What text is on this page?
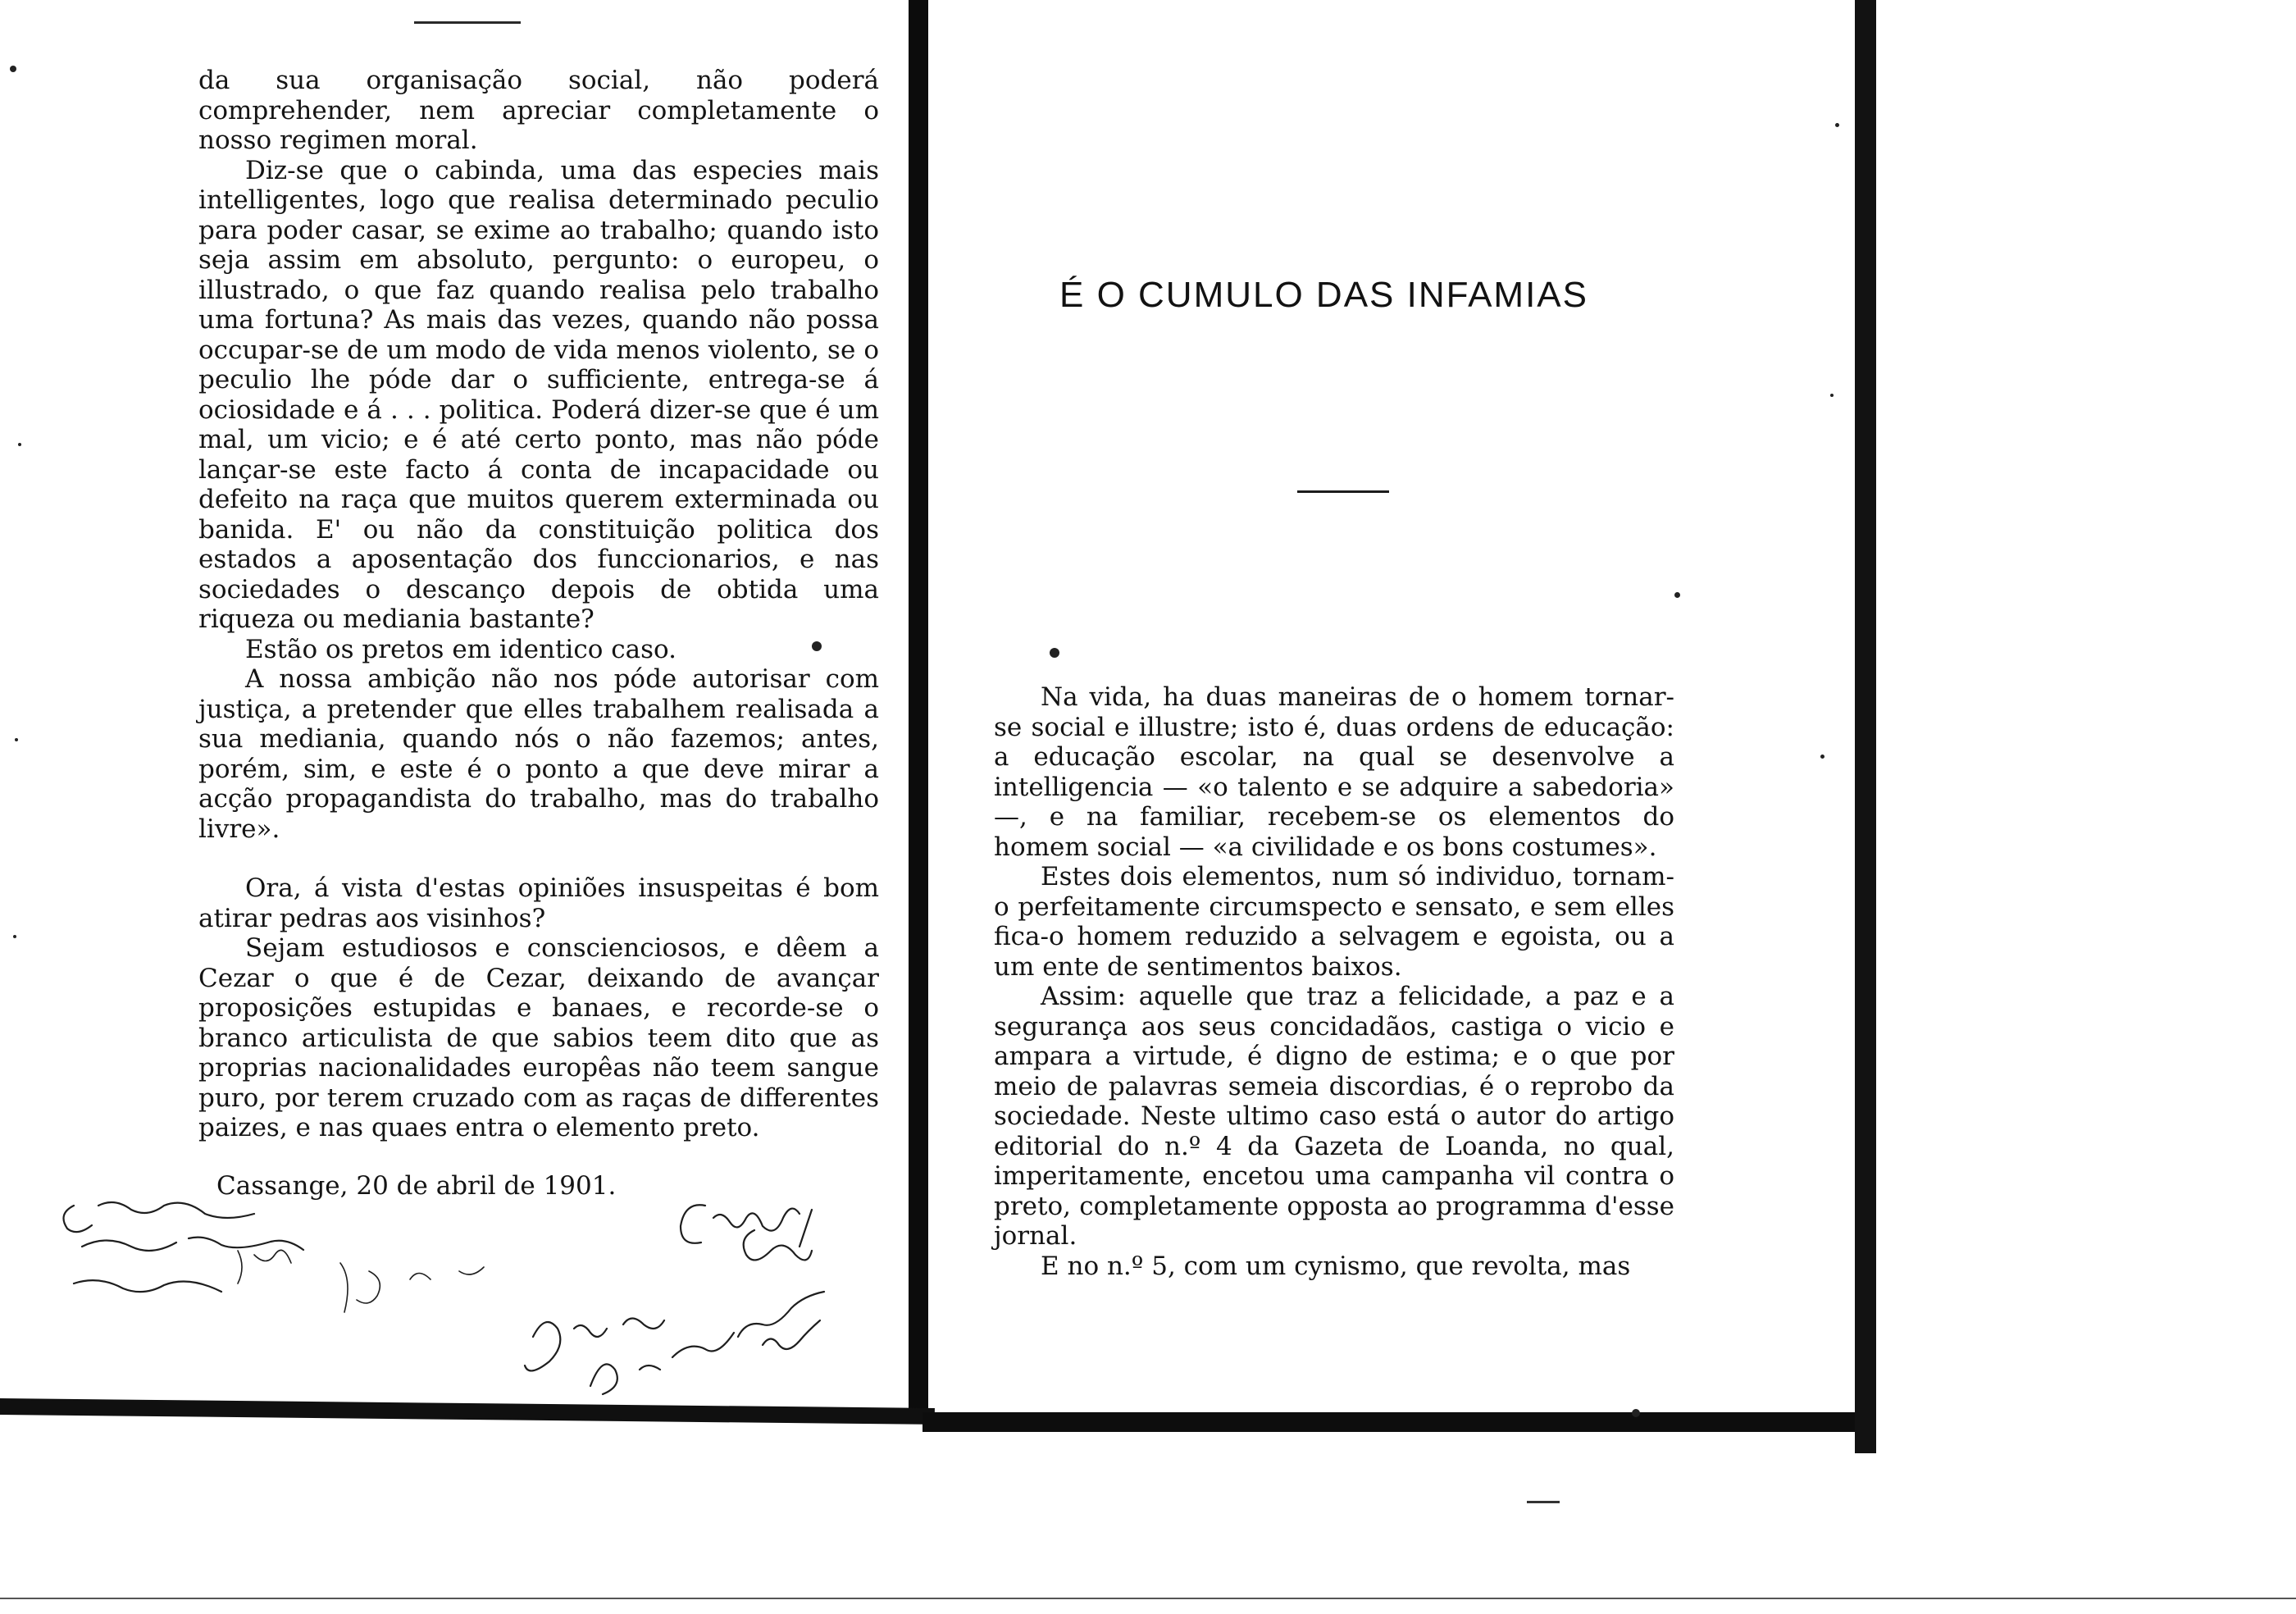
da sua organisação social, não poderá comprehender, nem apreciar completamente o nosso regimen moral.

Diz-se que o cabinda, uma das especies mais intelligentes, logo que realisa determinado peculio para poder casar, se exime ao trabalho; quando isto seja assim em absoluto, pergunto: o europeu, o illustrado, o que faz quando realisa pelo trabalho uma fortuna? As mais das vezes, quando não possa occupar-se de um modo de vida menos violento, se o peculio lhe póde dar o sufficiente, entrega-se á ociosidade e á . . . politica. Poderá dizer-se que é um mal, um vicio; e é até certo ponto, mas não póde lançar-se este facto á conta de incapacidade ou defeito na raça que muitos querem exterminada ou banida. E' ou não da constituição politica dos estados a aposentação dos funccionarios, e nas sociedades o descanço depois de obtida uma riqueza ou mediania bastante?

Estão os pretos em identico caso.

A nossa ambição não nos póde autorisar com justiça, a pretender que elles trabalhem realisada a sua mediania, quando nós o não fazemos; antes, porém, sim, e este é o ponto a que deve mirar a acção propagandista do trabalho, mas do trabalho livre».

Ora, á vista d'estas opiniões insuspeitas é bom atirar pedras aos visinhos?

Sejam estudiosos e conscienciosos, e dêem a Cezar o que é de Cezar, deixando de avançar proposições estupidas e banaes, e recorde-se o branco articulista de que sabios teem dito que as proprias nacionalidades europêas não teem sangue puro, por terem cruzado com as raças de differentes paizes, e nas quaes entra o elemento preto.

Cassange, 20 de abril de 1901.

É O CUMULO DAS INFAMIAS

Na vida, ha duas maneiras de o homem tornar-se social e illustre; isto é, duas ordens de educação: a educação escolar, na qual se desenvolve a intelligencia — «o talento e se adquire a sabedoria» —, e na familiar, recebem-se os elementos do homem social — «a civilidade e os bons costumes».

Estes dois elementos, num só individuo, tornam-o perfeitamente circumspecto e sensato, e sem elles fica-o homem reduzido a selvagem e egoista, ou a um ente de sentimentos baixos.

Assim: aquelle que traz a felicidade, a paz e a segurança aos seus concidadãos, castiga o vicio e ampara a virtude, é digno de estima; e o que por meio de palavras semeia discordias, é o reprobo da sociedade. Neste ultimo caso está o autor do artigo editorial do n.º 4 da Gazeta de Loanda, no qual, imperitamente, encetou uma campanha vil contra o preto, completamente opposta ao programma d'esse jornal.

E no n.º 5, com um cynismo, que revolta, mas
